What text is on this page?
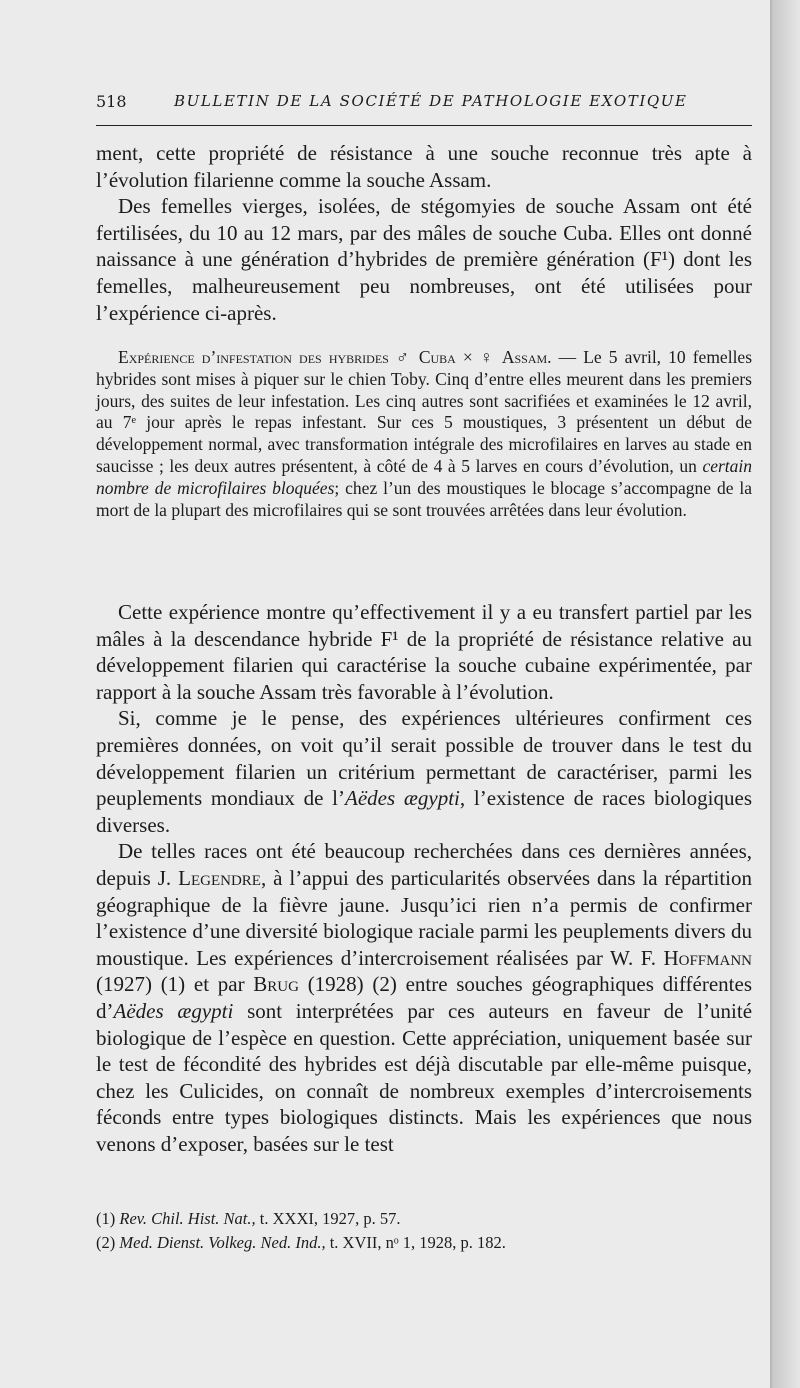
518	BULLETIN DE LA SOCIÉTÉ DE PATHOLOGIE EXOTIQUE

ment, cette propriété de résistance à une souche reconnue très apte à l’évolution filarienne comme la souche Assam.

Des femelles vierges, isolées, de stégomyies de souche Assam ont été fertilisées, du 10 au 12 mars, par des mâles de souche Cuba. Elles ont donné naissance à une génération d’hybrides de première génération (F¹) dont les femelles, malheureusement peu nombreuses, ont été utilisées pour l’expérience ci-après.

Expérience d’infestation des hybrides ♂ Cuba × ♀ Assam. — Le 5 avril, 10 femelles hybrides sont mises à piquer sur le chien Toby. Cinq d’entre elles meurent dans les premiers jours, des suites de leur infestation. Les cinq autres sont sacrifiées et examinées le 12 avril, au 7ᵉ jour après le repas infestant. Sur ces 5 moustiques, 3 présentent un début de développement normal, avec transformation intégrale des microfilaires en larves au stade en saucisse ; les deux autres présentent, à côté de 4 à 5 larves en cours d’évolution, un certain nombre de microfilaires bloquées; chez l’un des moustiques le blocage s’accompagne de la mort de la plupart des microfilaires qui se sont trouvées arrêtées dans leur évolution.

Cette expérience montre qu’effectivement il y a eu transfert partiel par les mâles à la descendance hybride F¹ de la propriété de résistance relative au développement filarien qui caractérise la souche cubaine expérimentée, par rapport à la souche Assam très favorable à l’évolution.

Si, comme je le pense, des expériences ultérieures confirment ces premières données, on voit qu’il serait possible de trouver dans le test du développement filarien un critérium permettant de caractériser, parmi les peuplements mondiaux de l’Aëdes ægypti, l’existence de races biologiques diverses.

De telles races ont été beaucoup recherchées dans ces dernières années, depuis J. Legendre, à l’appui des particularités observées dans la répartition géographique de la fièvre jaune. Jusqu’ici rien n’a permis de confirmer l’existence d’une diversité biologique raciale parmi les peuplements divers du moustique. Les expériences d’intercroisement réalisées par W. F. Hoffmann (1927) (1) et par Brug (1928) (2) entre souches géographiques différentes d’Aëdes ægypti sont interprétées par ces auteurs en faveur de l’unité biologique de l’espèce en question. Cette appréciation, uniquement basée sur le test de fécondité des hybrides est déjà discutable par elle-même puisque, chez les Culicides, on connaît de nombreux exemples d’intercroisements féconds entre types biologiques distincts. Mais les expériences que nous venons d’exposer, basées sur le test

(1) Rev. Chil. Hist. Nat., t. XXXI, 1927, p. 57.
(2) Med. Dienst. Volkeg. Ned. Ind., t. XVII, nᵒ 1, 1928, p. 182.
